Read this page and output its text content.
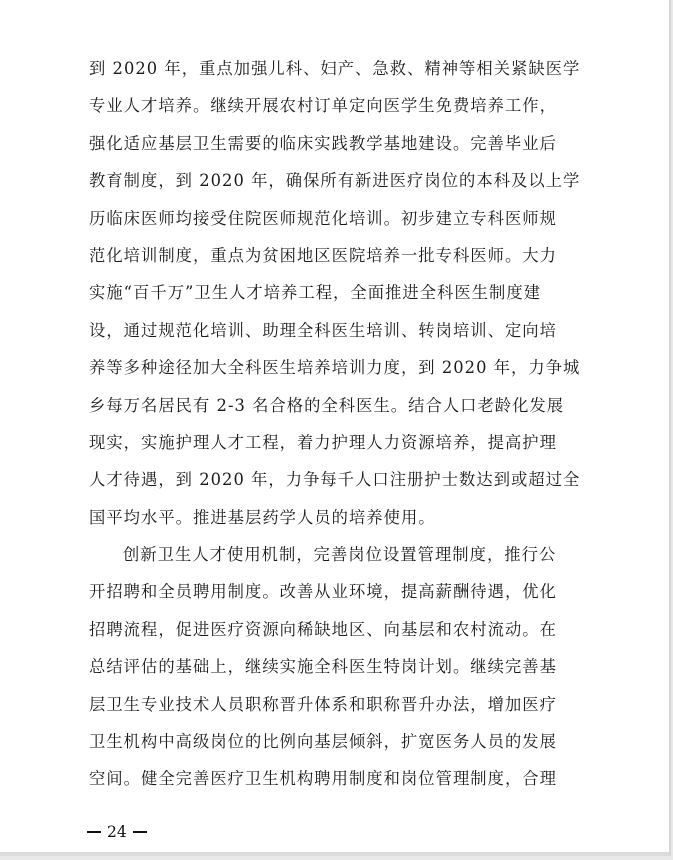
到 2020 年，重点加强儿科、妇产、急救、精神等相关紧缺医学
专业人才培养。继续开展农村订单定向医学生免费培养工作，
强化适应基层卫生需要的临床实践教学基地建设。完善毕业后
教育制度，到 2020 年，确保所有新进医疗岗位的本科及以上学
历临床医师均接受住院医师规范化培训。初步建立专科医师规
范化培训制度，重点为贫困地区医院培养一批专科医师。大力
实施“百千万”卫生人才培养工程，全面推进全科医生制度建
设，通过规范化培训、助理全科医生培训、转岗培训、定向培
养等多种途径加大全科医生培养培训力度，到 2020 年，力争城
乡每万名居民有 2-3 名合格的全科医生。结合人口老龄化发展
现实，实施护理人才工程，着力护理人力资源培养，提高护理
人才待遇，到 2020 年，力争每千人口注册护士数达到或超过全
国平均水平。推进基层药学人员的培养使用。
创新卫生人才使用机制，完善岗位设置管理制度，推行公
开招聘和全员聘用制度。改善从业环境，提高薪酬待遇，优化
招聘流程，促进医疗资源向稀缺地区、向基层和农村流动。在
总结评估的基础上，继续实施全科医生特岗计划。继续完善基
层卫生专业技术人员职称晋升体系和职称晋升办法，增加医疗
卫生机构中高级岗位的比例向基层倾斜，扩宽医务人员的发展
空间。健全完善医疗卫生机构聘用制度和岗位管理制度，合理
24
